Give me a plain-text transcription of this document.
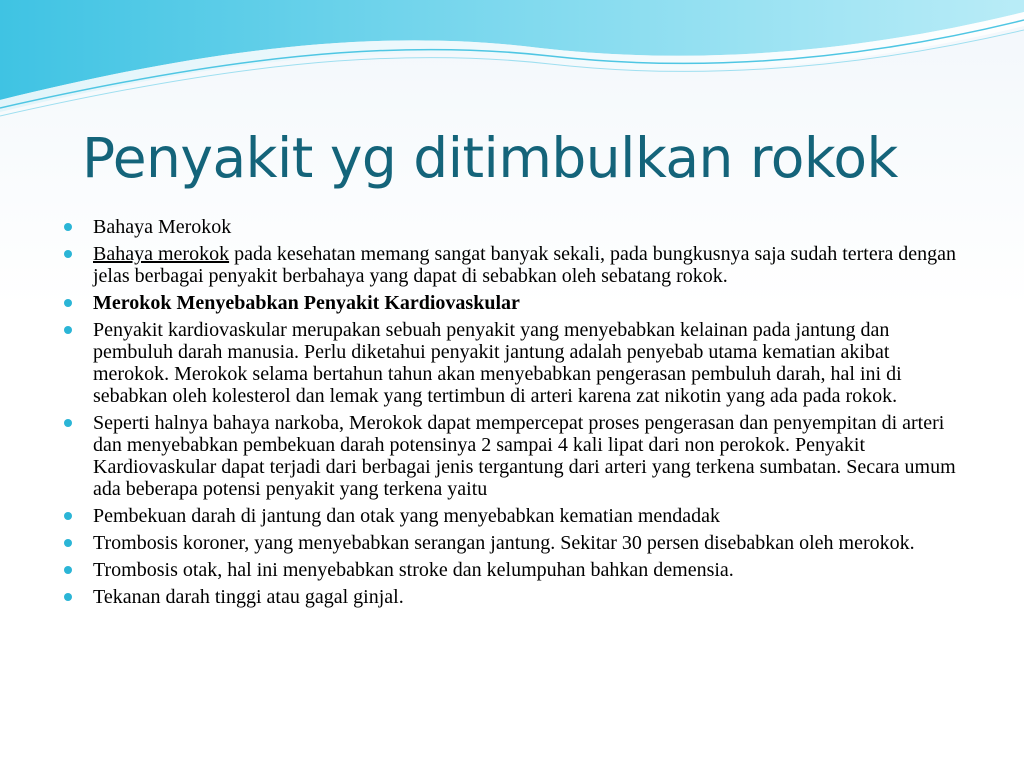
Penyakit yg ditimbulkan rokok
Bahaya Merokok
Bahaya merokok pada kesehatan memang sangat banyak sekali, pada bungkusnya saja sudah tertera dengan jelas berbagai penyakit berbahaya yang dapat di sebabkan oleh sebatang rokok.
Merokok Menyebabkan Penyakit Kardiovaskular
Penyakit kardiovaskular merupakan sebuah penyakit yang menyebabkan kelainan pada jantung dan pembuluh darah manusia. Perlu diketahui penyakit jantung adalah penyebab utama kematian akibat merokok. Merokok selama bertahun tahun akan menyebabkan pengerasan pembuluh darah, hal ini di sebabkan oleh kolesterol dan lemak yang tertimbun di arteri karena zat nikotin yang ada pada rokok.
Seperti halnya bahaya narkoba, Merokok dapat mempercepat proses pengerasan dan penyempitan di arteri dan menyebabkan pembekuan darah potensinya 2 sampai 4 kali lipat dari non perokok. Penyakit Kardiovaskular dapat terjadi dari berbagai jenis tergantung dari arteri yang terkena sumbatan. Secara umum ada beberapa potensi penyakit yang terkena yaitu
Pembekuan darah di jantung dan otak yang menyebabkan kematian mendadak
Trombosis koroner, yang menyebabkan serangan jantung. Sekitar 30 persen disebabkan oleh merokok.
Trombosis otak, hal ini menyebabkan stroke dan kelumpuhan bahkan demensia.
Tekanan darah tinggi atau gagal ginjal.
